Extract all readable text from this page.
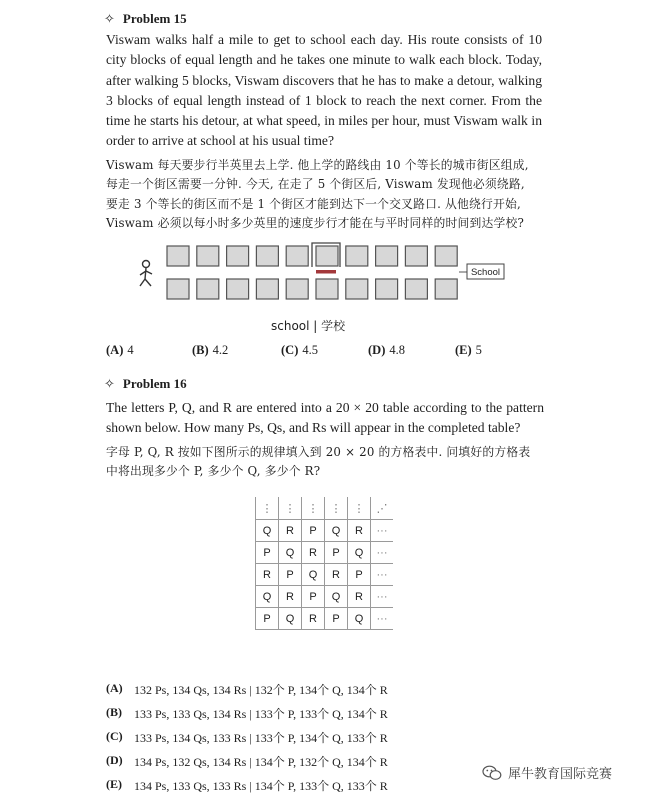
✧ Problem 15

Viswam walks half a mile to get to school each day. His route consists of 10 city blocks of equal length and he takes one minute to walk each block. Today, after walking 5 blocks, Viswam discovers that he has to make a detour, walking 3 blocks of equal length instead of 1 block to reach the next corner. From the time he starts his detour, at what speed, in miles per hour, must Viswam walk in order to arrive at school at his usual time?

Viswam 每天要步行半英里去上学. 他上学的路线由 10 个等长的城市街区组成,
每走一个街区需要一分钟. 今天, 在走了 5 个街区后, Viswam 发现他必须绕路,
要走 3 个等长的街区而不是 1 个街区才能到达下一个交叉路口. 从他绕行开始,
Viswam 必须以每小时多少英里的速度步行才能在与平时同样的时间到达学校?
School
school | 学校
(A) 4	(B) 4.2	(C) 4.5	(D) 4.8	(E) 5
✧ Problem 16

The letters P, Q, and R are entered into a 20 × 20 table according to the pattern shown below. How many Ps, Qs, and Rs will appear in the completed table?

字母 P, Q, R 按如下图所示的规律填入到 20 × 20 的方格表中. 问填好的方格表
中将出现多少个 P, 多少个 Q, 多少个 R?
⋮	⋮	⋮	⋮	⋮	⋰
Q	R	P	Q	R	···
P	Q	R	P	Q	···
R	P	Q	R	P	···
Q	R	P	Q	R	···
P	Q	R	P	Q	···
(A) 132 Ps, 134 Qs, 134 Rs | 132个 P, 134个 Q, 134个 R
(B)	133 Ps, 133 Qs, 134 Rs | 133个 P, 133个 Q, 134个 R
(C) 133 Ps, 134 Qs, 133 Rs | 133个 P, 134个 Q, 133个 R
(D) 134 Ps, 132 Qs, 134 Rs | 134个 P, 132个 Q, 134个 R
(E)	134 Ps, 133 Qs, 133 Rs | 134个 P, 133个 Q, 133个 R
犀牛教育国际竞赛
